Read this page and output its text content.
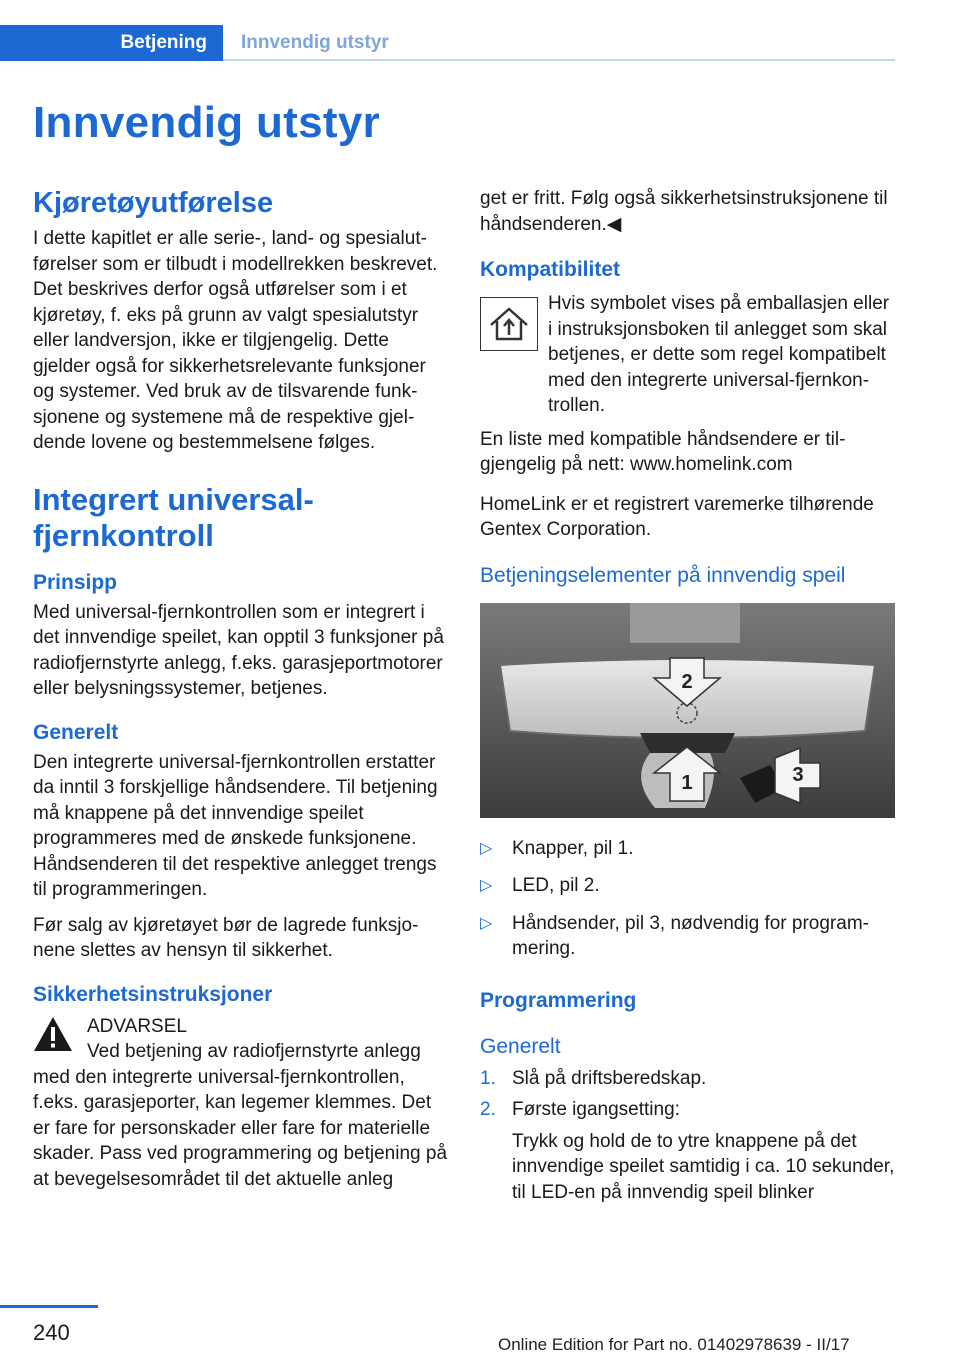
Betjening	Innvendig utstyr
Innvendig utstyr
Kjøretøyutførelse

I dette kapitlet er alle serie-, land- og spesialutførelser som er tilbudt i modellrekken beskrevet. Det beskrives derfor også utførelser som i et kjøretøy, f. eks på grunn av valgt spesialutstyr eller landversjon, ikke er tilgjengelig. Dette gjelder også for sikkerhetsrelevante funksjoner og systemer. Ved bruk av de tilsvarende funksjonene og systemene må de respektive gjeldende lovene og bestemmelsene følges.

Integrert universal-fjernkontroll
Prinsipp

Med universal-fjernkontrollen som er integrert i det innvendige speilet, kan opptil 3 funksjoner på radiofjernstyrte anlegg, f.eks. garasjeportmotorer eller belysningssystemer, betjenes.

Generelt

Den integrerte universal-fjernkontrollen erstatter da inntil 3 forskjellige håndsendere. Til betjening må knappene på det innvendige speilet programmeres med de ønskede funksjonene. Håndsenderen til det respektive anlegget trengs til programmeringen.

Før salg av kjøretøyet bør de lagrede funksjonene slettes av hensyn til sikkerhet.

Sikkerhetsinstruksjoner

ADVARSEL

Ved betjening av radiofjernstyrte anlegg

med den integrerte universal-fjernkontrollen, f.eks. garasjeporter, kan legemer klemmes. Det er fare for personskader eller fare for materielle skader. Pass ved programmering og betjening på at bevegelsesområdet til det aktuelle anleg

get er fritt. Følg også sikkerhetsinstruksjonene til håndsenderen.◀

Kompatibilitet
Hvis symbolet vises på emballasjen eller i instruksjonsboken til anlegget som skal betjenes, er dette som regel kompatibelt med den integrerte universal-fjernkontrollen.

En liste med kompatible håndsendere er tilgjengelig på nett: www.homelink.com

HomeLink er et registrert varemerke tilhørende Gentex Corporation.

Betjeningselementer på innvendig speil
2
1	3
▷ Knapper, pil 1.
▷ LED, pil 2.
▷ Håndsender, pil 3, nødvendig for programmering.
Programmering
Generelt
1. Slå på driftsberedskap.
2. Første igangsetting:
Trykk og hold de to ytre knappene på det innvendige speilet samtidig i ca. 10 sekunder, til LED-en på innvendig speil blinker
240	Online Edition for Part no. 01402978639 - II/17
